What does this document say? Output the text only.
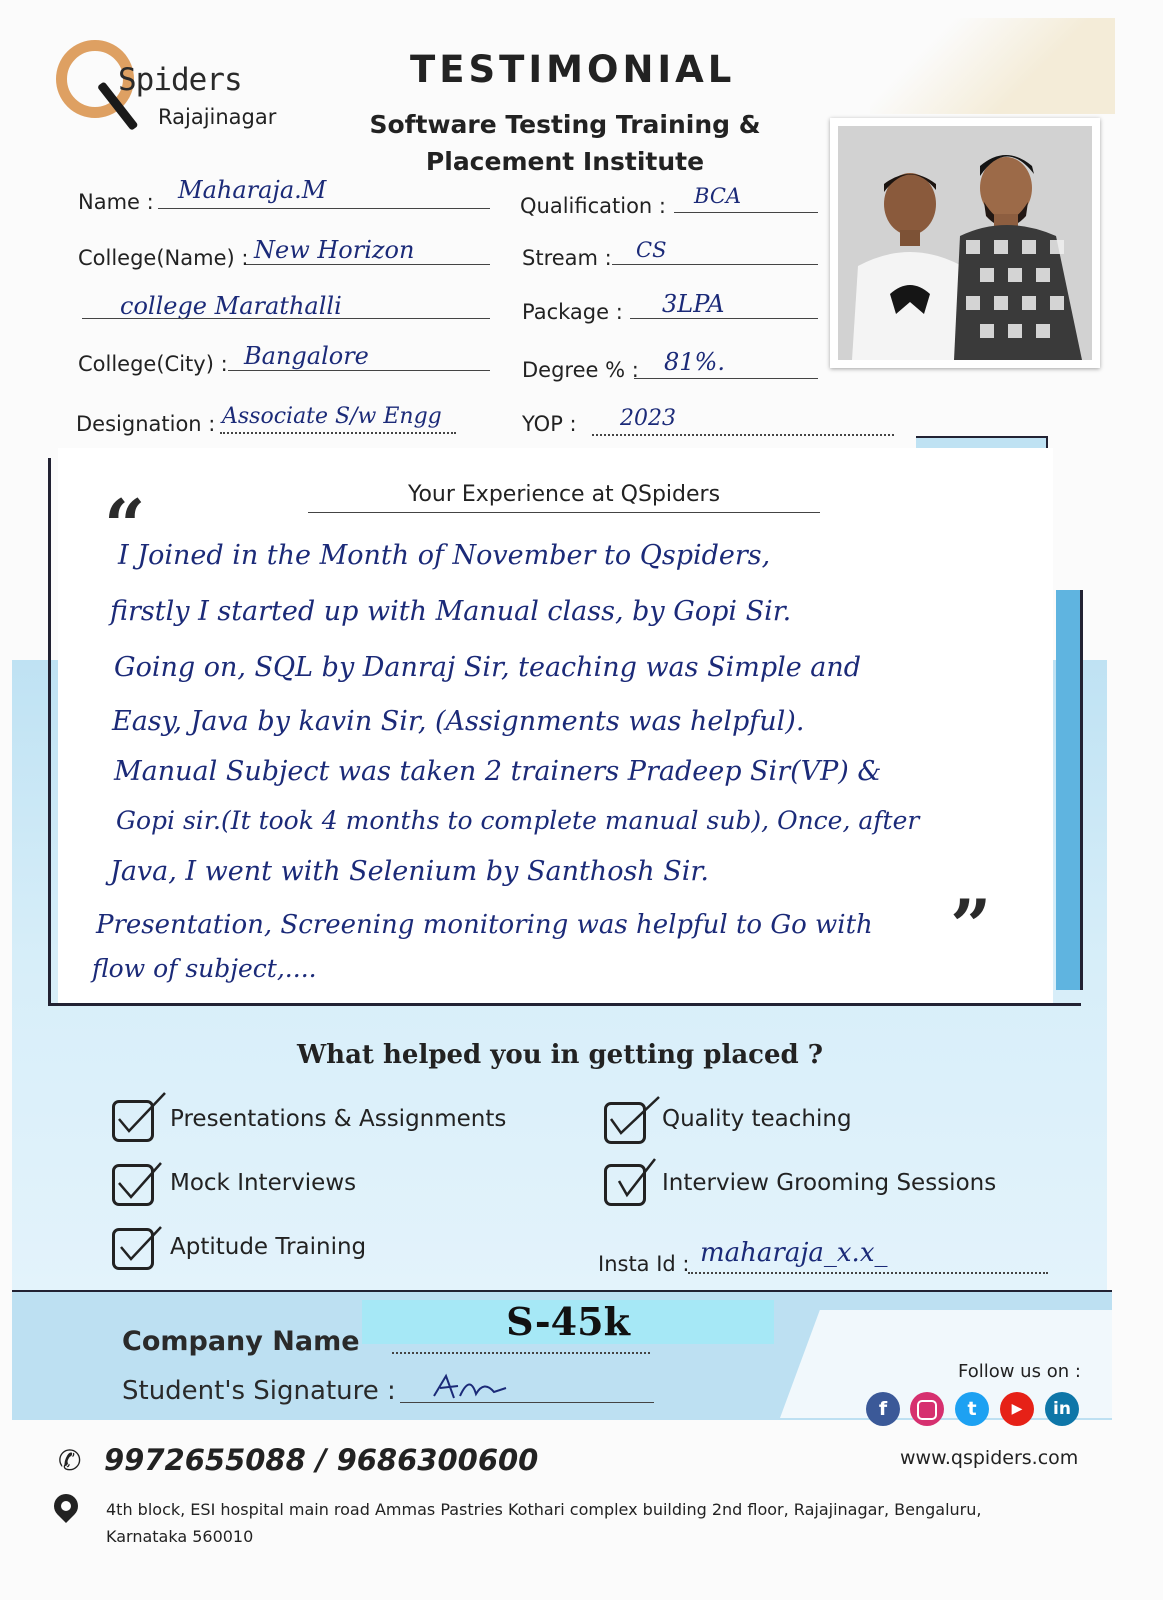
Spiders
Rajajinagar
TESTIMONIAL
Software Testing Training & Placement Institute
Name : Maharaja.M
Qualification : BCA
College(Name) : New Horizon
college Marathalli
Stream : CS
Package : 3LPA
College(City) : Bangalore	Degree % : 81%.
Designation : Associate S/w Engg	YOP : 2023
Your Experience at QSpiders
“
”
I Joined in the Month of November to Qspiders,
firstly I started up with Manual class, by Gopi Sir.
Going on, SQL by Danraj Sir, teaching was Simple and
Easy, Java by kavin Sir, (Assignments was helpful).
Manual Subject was taken 2 trainers Pradeep Sir(VP) &
Gopi sir.(It took 4 months to complete manual sub), Once, after
Java, I went with Selenium by Santhosh Sir.
Presentation, Screening monitoring was helpful to Go with
flow of subject,....
What helped you in getting placed ?
Presentations & Assignments	Quality teaching
Mock Interviews	Interview Grooming Sessions
Aptitude Training
Insta Id : maharaja_x.x_
S-45k
Company Name
Student's Signature :
Follow us on :
f	t	▶	in
www.qspiders.com
✆ 9972655088 / 9686300600
4th block, ESI hospital main road Ammas Pastries Kothari complex building 2nd floor, Rajajinagar, Bengaluru, Karnataka 560010
